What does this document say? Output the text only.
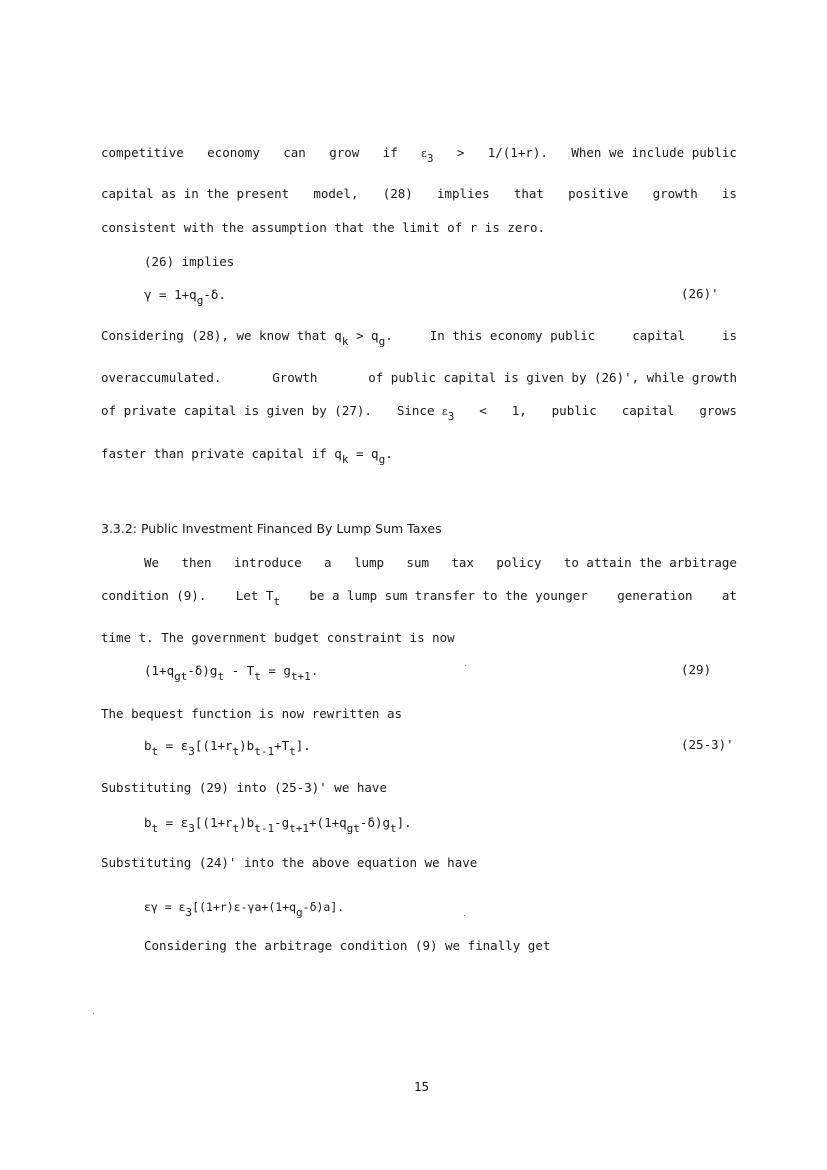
competitive economy can grow if ε3 > 1/(1+r). When we include public
capital as in the present model, (28) implies that positive growth is
consistent with the assumption that the limit of r is zero.
(26) implies
γ = 1+qg-δ.	(26)'
Considering (28), we know that qk > qg.	In this economy public	capital	is
overaccumulated.	Growth	of public capital is given by (26)', while growth
of private capital is given by (27). Since ε3 < 1, public capital grows
faster than private capital if qk = qg.
3.3.2: Public Investment Financed By Lump Sum Taxes
We then introduce a lump sum tax policy to attain the arbitrage
condition (9). Let Tt be a lump sum transfer to the younger generation at
time t. The government budget constraint is now
(1+qgt-δ)gt - Tt = gt+1.	(29)
The bequest function is now rewritten as
bt = ε3[(1+rt)bt-1+Tt].	(25-3)'
Substituting (29) into (25-3)' we have
bt = ε3[(1+rt)bt-1-gt+1+(1+qgt-δ)gt].
Substituting (24)' into the above equation we have
εγ = ε3[(1+r)ε-γa+(1+qg-δ)a].
Considering the arbitrage condition (9) we finally get
15
